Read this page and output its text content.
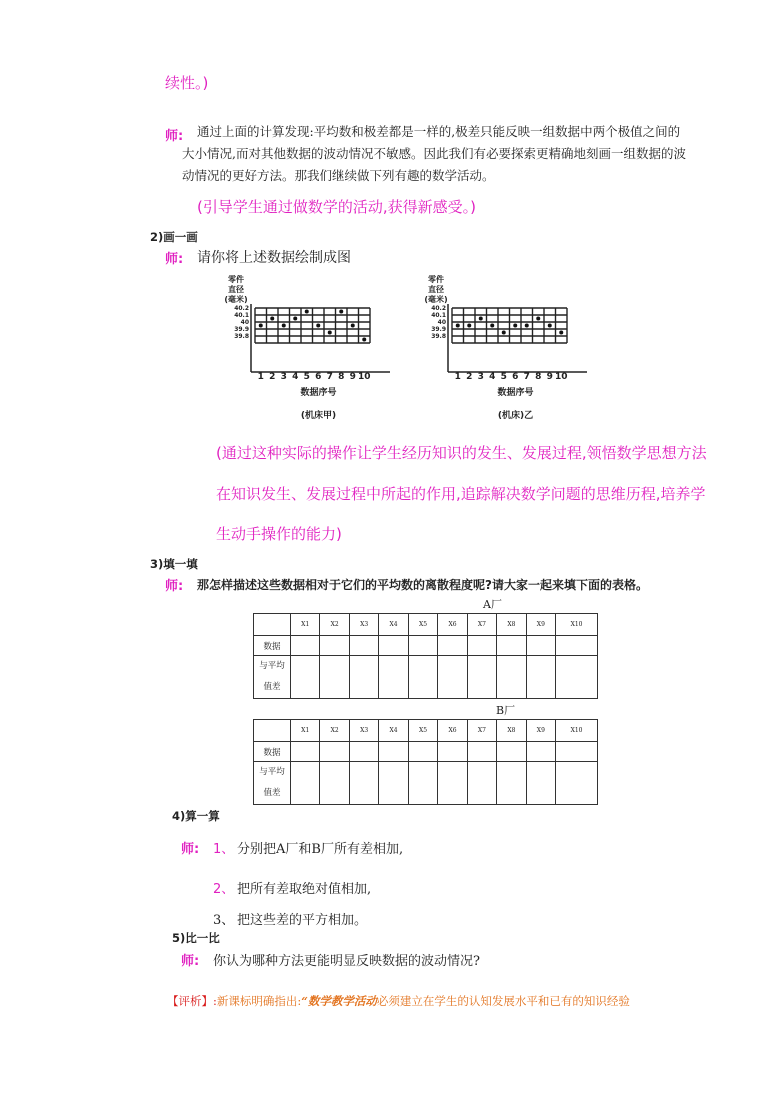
续性。)
师: 通过上面的计算发现:平均数和极差都是一样的,极差只能反映一组数据中两个极值之间的
大小情况,而对其他数据的波动情况不敏感。因此我们有必要探索更精确地刻画一组数据的波
动情况的更好方法。那我们继续做下列有趣的数学活动。
(引导学生通过做数学的活动,获得新感受。)
2)画一画
师: 请你将上述数据绘制成图
零件
直径
(毫米)
40.2
40.1
40
39.9
39.8
1 2 3 4 5 6 7 8 9 10
数据序号
(机床甲)
零件
直径
(毫米)
40.2
40.1
40
39.9
39.8
1 2 3 4 5 6 7 8 9 10
数据序号
(机床)乙
(通过这种实际的操作让学生经历知识的发生、发展过程,领悟数学思想方法
在知识发生、发展过程中所起的作用,追踪解决数学问题的思维历程,培养学
生动手操作的能力)
3)填一填
师: 那怎样描述这些数据相对于它们的平均数的离散程度呢?请大家一起来填下面的表格。
A厂
	X1	X2	X3	X4	X5	X6	X7	X8	X9	X10
数据										
与平均
值差										
B厂
	X1	X2	X3	X4	X5	X6	X7	X8	X9	X10
数据										
与平均
值差										
4)算一算
师: 1、 分别把A厂和B厂所有差相加,
2、 把所有差取绝对值相加,
3、 把这些差的平方相加。
5)比一比
师: 你认为哪种方法更能明显反映数据的波动情况?
【评析】:新课标明确指出:“数学教学活动必须建立在学生的认知发展水平和已有的知识经验
